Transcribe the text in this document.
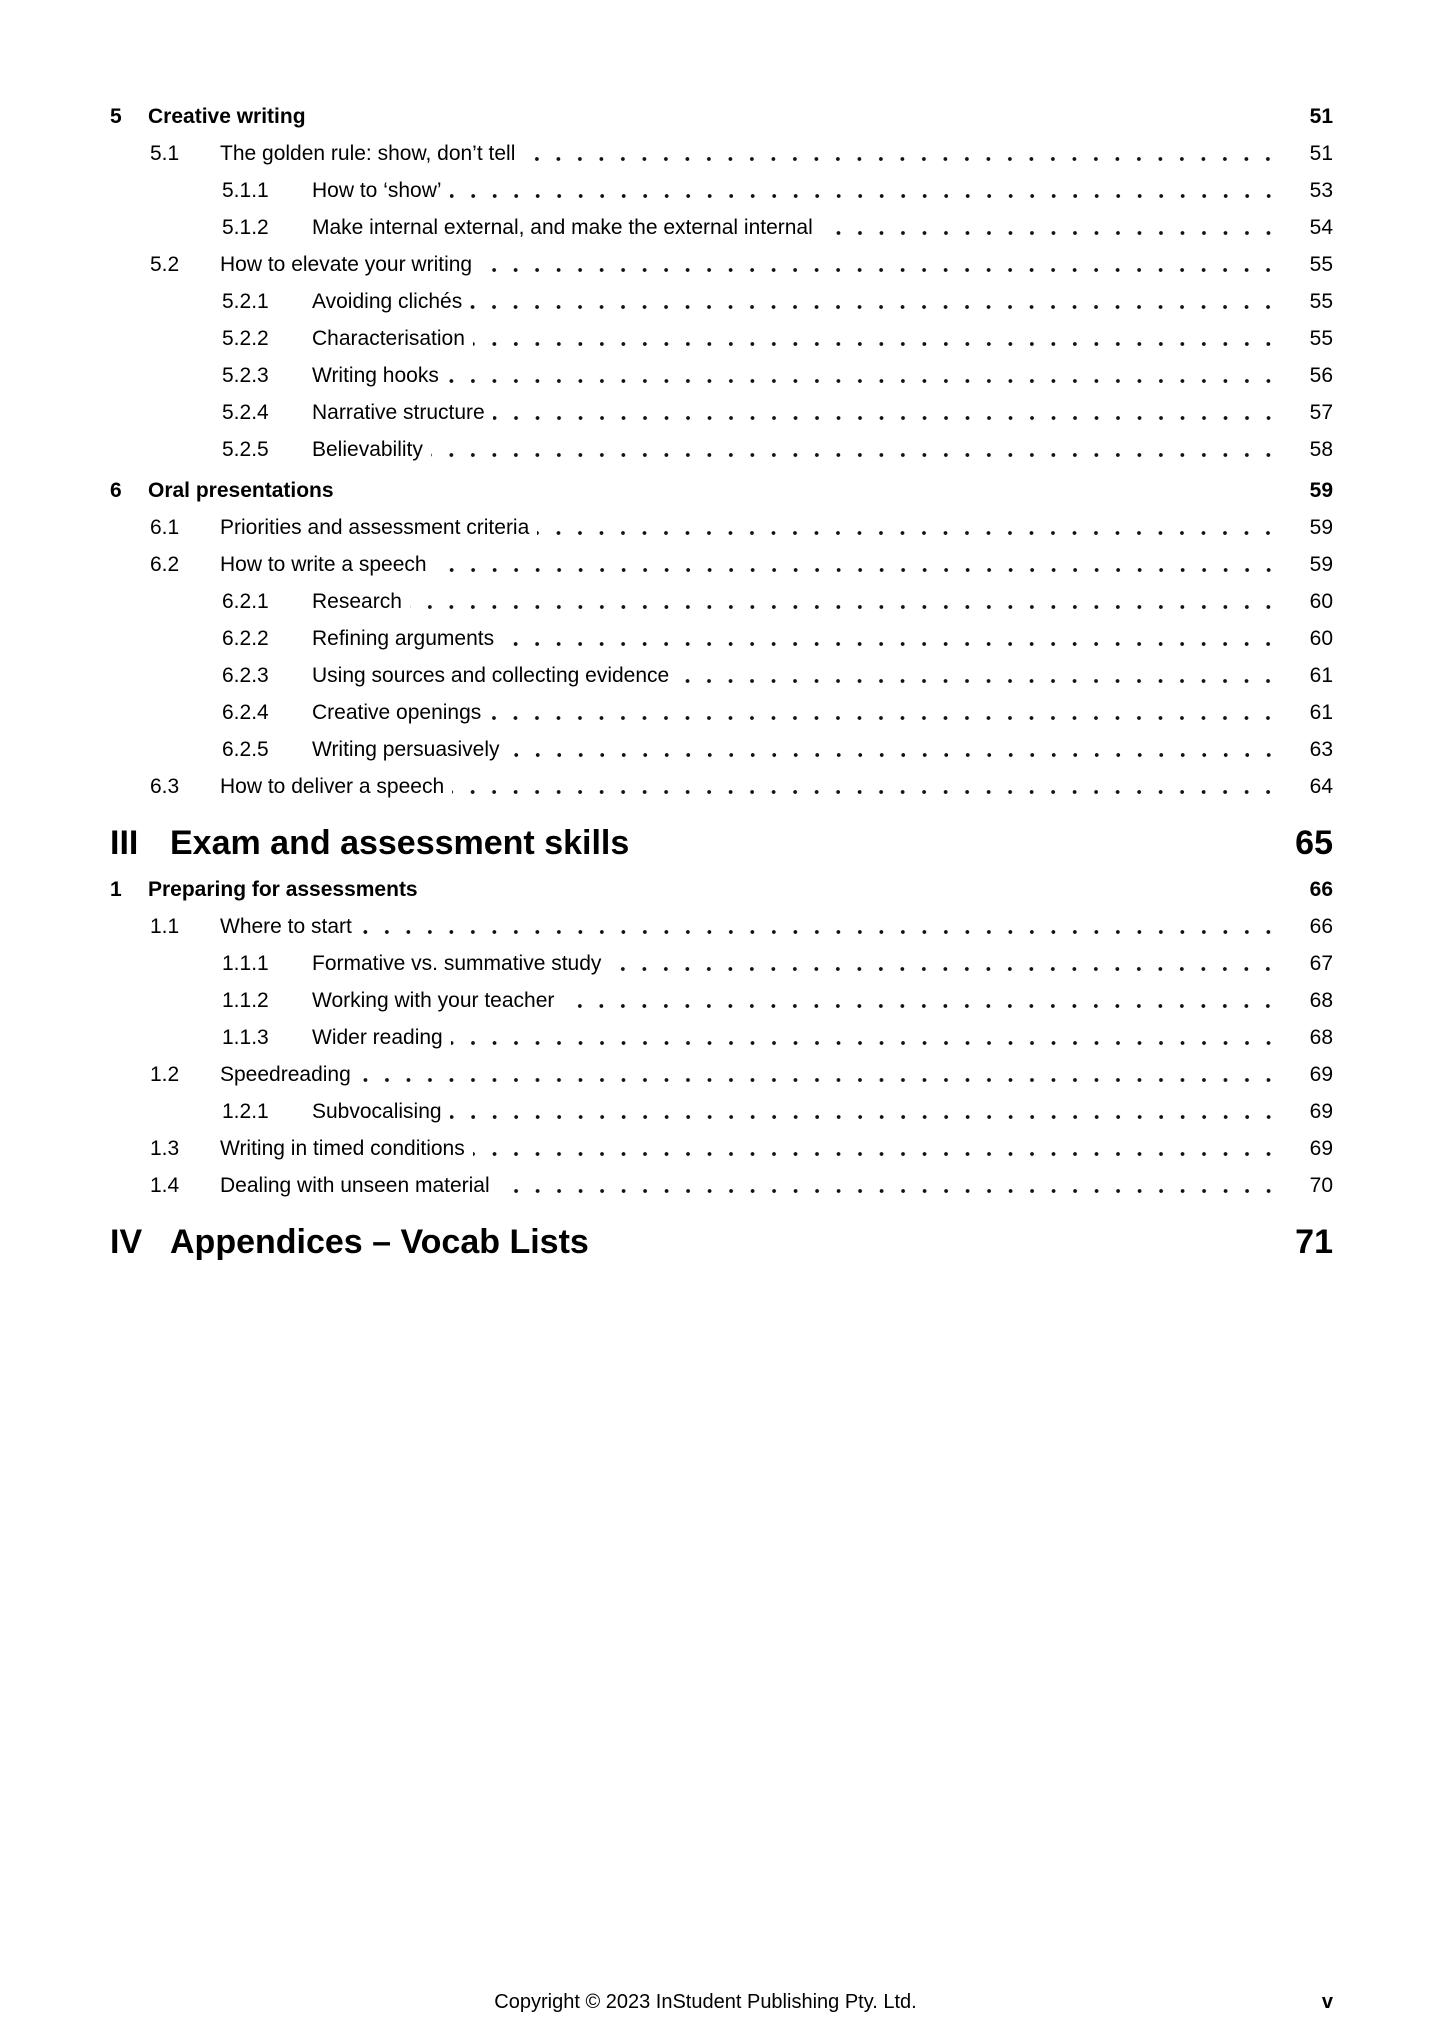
5	Creative writing	51
5.1	The golden rule: show, don’t tell	51
5.1.1	How to ‘show’	53
5.1.2	Make internal external, and make the external internal	54
5.2	How to elevate your writing	55
5.2.1	Avoiding clichés	55
5.2.2	Characterisation	55
5.2.3	Writing hooks	56
5.2.4	Narrative structure	57
5.2.5	Believability	58
6	Oral presentations	59
6.1	Priorities and assessment criteria	59
6.2	How to write a speech	59
6.2.1	Research	60
6.2.2	Refining arguments	60
6.2.3	Using sources and collecting evidence	61
6.2.4	Creative openings	61
6.2.5	Writing persuasively	63
6.3	How to deliver a speech	64
III Exam and assessment skills	65
1	Preparing for assessments	66
1.1	Where to start	66
1.1.1	Formative vs. summative study	67
1.1.2	Working with your teacher	68
1.1.3	Wider reading	68
1.2	Speedreading	69
1.2.1	Subvocalising	69
1.3	Writing in timed conditions	69
1.4	Dealing with unseen material	70
IV Appendices – Vocab Lists	71
Copyright © 2023 InStudent Publishing Pty. Ltd.	v
